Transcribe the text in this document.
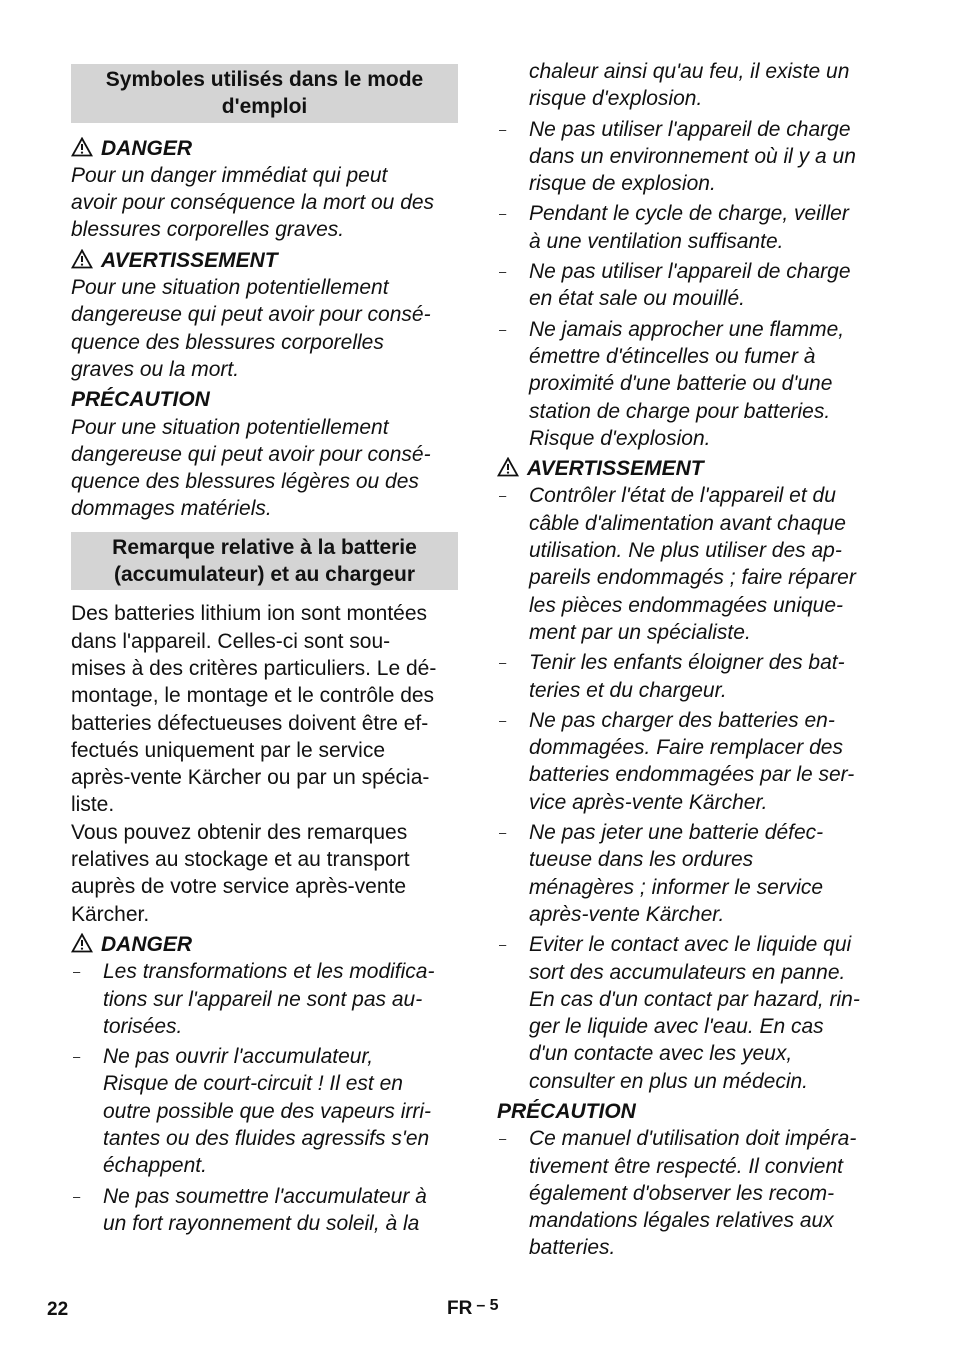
Symboles utilisés dans le mode
d'emploi
DANGER
Pour un danger immédiat qui peut
avoir pour conséquence la mort ou des
blessures corporelles graves.
AVERTISSEMENT
Pour une situation potentiellement
dangereuse qui peut avoir pour consé-
quence des blessures corporelles
graves ou la mort.
PRÉCAUTION
Pour une situation potentiellement
dangereuse qui peut avoir pour consé-
quence des blessures légères ou des
dommages matériels.
Remarque relative à la batterie
(accumulateur) et au chargeur
Des batteries lithium ion sont montées
dans l'appareil. Celles-ci sont sou-
mises à des critères particuliers. Le dé-
montage, le montage et le contrôle des
batteries défectueuses doivent être ef-
fectués uniquement par le service
après-vente Kärcher ou par un spécia-
liste.
Vous pouvez obtenir des remarques
relatives au stockage et au transport
auprès de votre service après-vente
Kärcher.
DANGER
–	Les transformations et les modifica-
tions sur l'appareil ne sont pas au-
torisées.
–	Ne pas ouvrir l'accumulateur,
Risque de court-circuit ! Il est en
outre possible que des vapeurs irri-
tantes ou des fluides agressifs s'en
échappent.
–	Ne pas soumettre l'accumulateur à
un fort rayonnement du soleil, à la
chaleur ainsi qu'au feu, il existe un
risque d'explosion.
–	Ne pas utiliser l'appareil de charge
dans un environnement où il y a un
risque de explosion.
–	Pendant le cycle de charge, veiller
à une ventilation suffisante.
–	Ne pas utiliser l'appareil de charge
en état sale ou mouillé.
–	Ne jamais approcher une flamme,
émettre d'étincelles ou fumer à
proximité d'une batterie ou d'une
station de charge pour batteries.
Risque d'explosion.
AVERTISSEMENT
–	Contrôler l'état de l'appareil et du
câble d'alimentation avant chaque
utilisation. Ne plus utiliser des ap-
pareils endommagés ; faire réparer
les pièces endommagées unique-
ment par un spécialiste.
–	Tenir les enfants éloigner des bat-
teries et du chargeur.
–	Ne pas charger des batteries en-
dommagées. Faire remplacer des
batteries endommagées par le ser-
vice après-vente Kärcher.
–	Ne pas jeter une batterie défec-
tueuse dans les ordures
ménagères ; informer le service
après-vente Kärcher.
–	Eviter le contact avec le liquide qui
sort des accumulateurs en panne.
En cas d'un contact par hazard, rin-
ger le liquide avec l'eau. En cas
d'un contacte avec les yeux,
consulter en plus un médecin.
PRÉCAUTION
–	Ce manuel d'utilisation doit impéra-
tivement être respecté. Il convient
également d'observer les recom-
mandations légales relatives aux
batteries.
22	FR $^{- 5}$
